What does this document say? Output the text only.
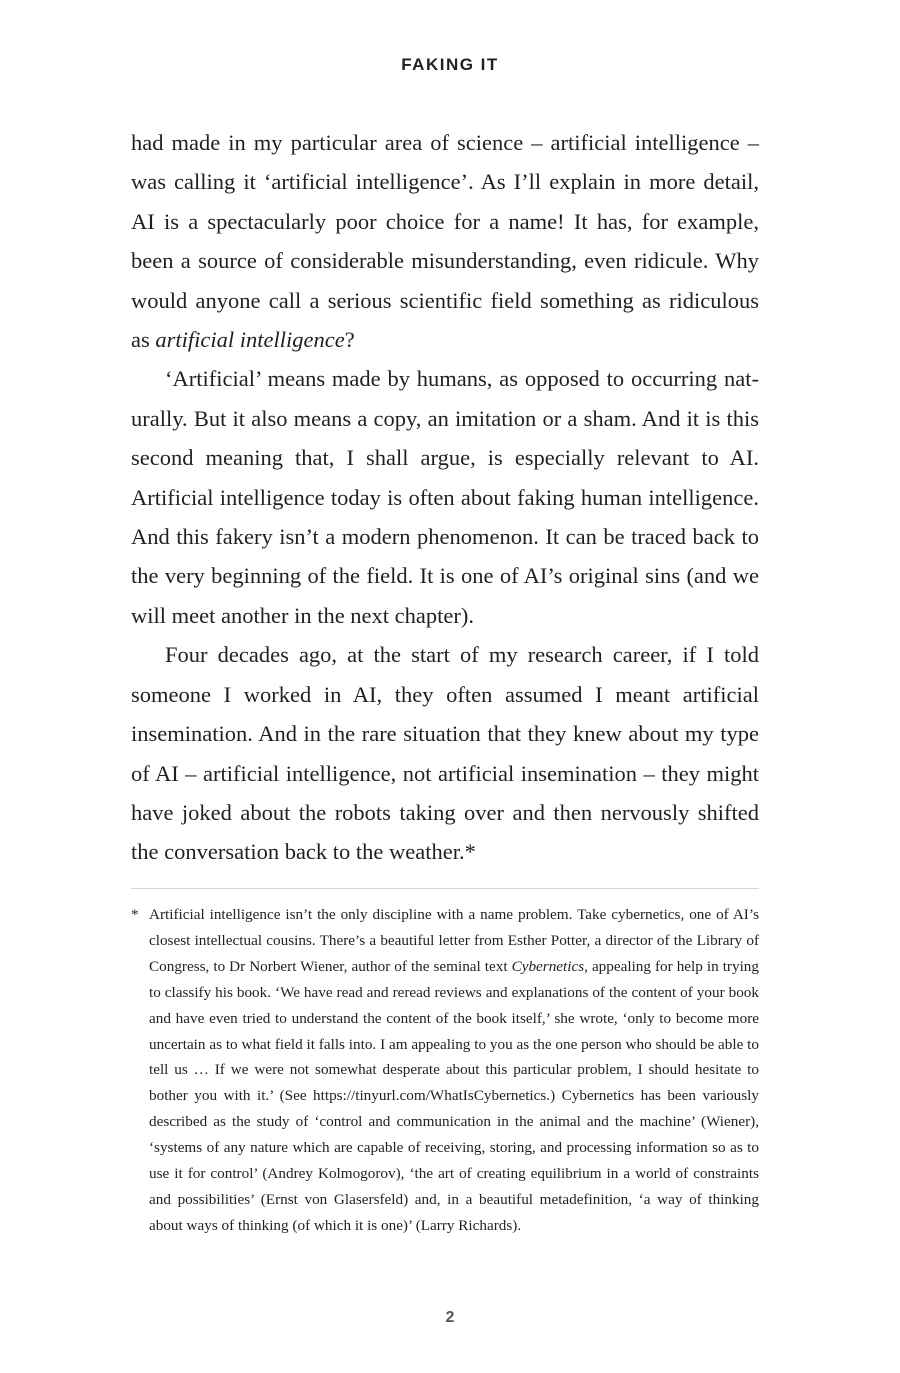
FAKING IT

had made in my particular area of science – artificial intelligence – was calling it ‘artificial intelligence’. As I’ll explain in more detail, AI is a spectacularly poor choice for a name! It has, for example, been a source of considerable misunderstanding, even ridicule. Why would anyone call a serious scientific field something as ridiculous as artificial intelligence?

‘Artificial’ means made by humans, as opposed to occurring naturally. But it also means a copy, an imitation or a sham. And it is this second meaning that, I shall argue, is especially relevant to AI. Artificial intelligence today is often about faking human intelligence. And this fakery isn’t a modern phenomenon. It can be traced back to the very beginning of the field. It is one of AI’s original sins (and we will meet another in the next chapter).

Four decades ago, at the start of my research career, if I told someone I worked in AI, they often assumed I meant artificial insemination. And in the rare situation that they knew about my type of AI – artificial intelligence, not artificial insemination – they might have joked about the robots taking over and then nervously shifted the conversation back to the weather.*

* Artificial intelligence isn’t the only discipline with a name problem. Take cybernetics, one of AI’s closest intellectual cousins. There’s a beautiful letter from Esther Potter, a director of the Library of Congress, to Dr Norbert Wiener, author of the seminal text Cybernetics, appealing for help in trying to classify his book. ‘We have read and reread reviews and explanations of the content of your book and have even tried to understand the content of the book itself,’ she wrote, ‘only to become more uncertain as to what field it falls into. I am appealing to you as the one person who should be able to tell us … If we were not somewhat desperate about this particular problem, I should hesitate to bother you with it.’ (See https://tinyurl.com/WhatIsCybernetics.) Cybernetics has been variously described as the study of ‘control and communication in the animal and the machine’ (Wiener), ‘systems of any nature which are capable of receiving, storing, and processing information so as to use it for control’ (Andrey Kolmogorov), ‘the art of creating equilibrium in a world of constraints and possibilities’ (Ernst von Glasersfeld) and, in a beautiful metadefinition, ‘a way of thinking about ways of thinking (of which it is one)’ (Larry Richards).
2
